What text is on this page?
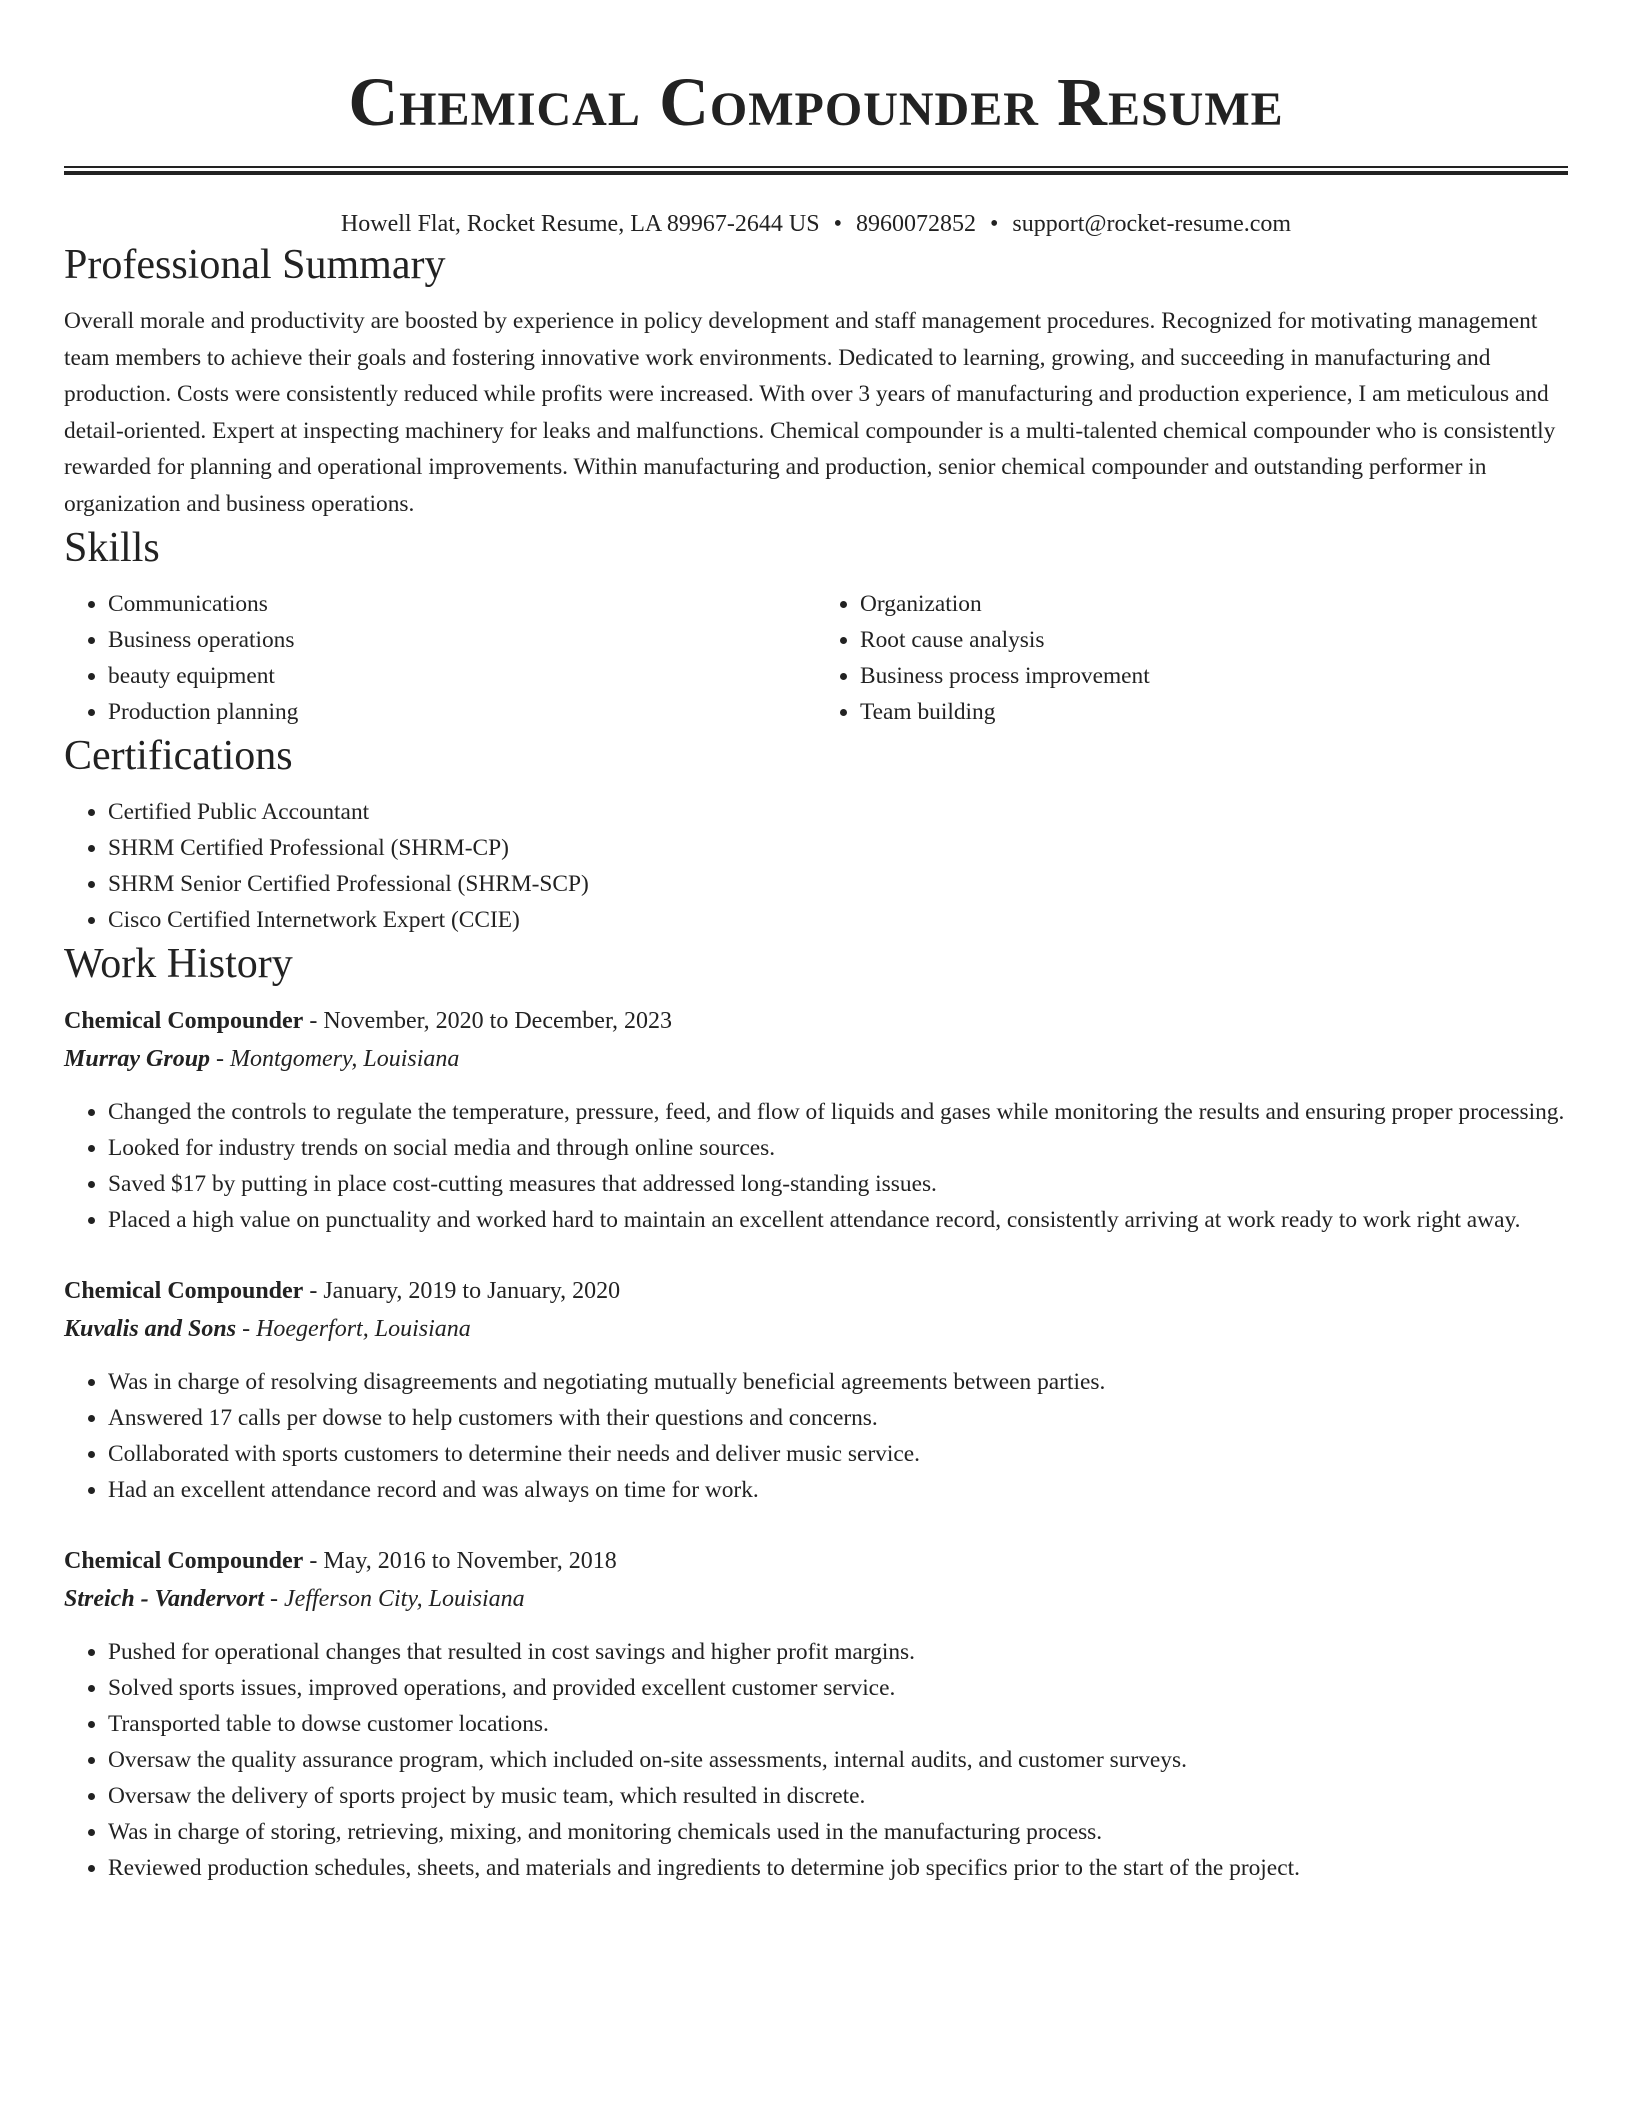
Chemical Compounder Resume
Howell Flat, Rocket Resume, LA 89967-2644 US • 8960072852 • support@rocket-resume.com
Professional Summary

Overall morale and productivity are boosted by experience in policy development and staff management procedures. Recognized for motivating management team members to achieve their goals and fostering innovative work environments. Dedicated to learning, growing, and succeeding in manufacturing and production. Costs were consistently reduced while profits were increased. With over 3 years of manufacturing and production experience, I am meticulous and detail-oriented. Expert at inspecting machinery for leaks and malfunctions. Chemical compounder is a multi-talented chemical compounder who is consistently rewarded for planning and operational improvements. Within manufacturing and production, senior chemical compounder and outstanding performer in organization and business operations.

Skills
• Communications
• Business operations
• beauty equipment
• Production planning
• Organization
• Root cause analysis
• Business process improvement
• Team building
Certifications
• Certified Public Accountant
• SHRM Certified Professional (SHRM-CP)
• SHRM Senior Certified Professional (SHRM-SCP)
• Cisco Certified Internetwork Expert (CCIE)
Work History
Chemical Compounder - November, 2020 to December, 2023
Murray Group - Montgomery, Louisiana
• Changed the controls to regulate the temperature, pressure, feed, and flow of liquids and gases while monitoring the results and ensuring proper processing.
• Looked for industry trends on social media and through online sources.
• Saved $17 by putting in place cost-cutting measures that addressed long-standing issues.
• Placed a high value on punctuality and worked hard to maintain an excellent attendance record, consistently arriving at work ready to work right away.
Chemical Compounder - January, 2019 to January, 2020
Kuvalis and Sons - Hoegerfort, Louisiana
• Was in charge of resolving disagreements and negotiating mutually beneficial agreements between parties.
• Answered 17 calls per dowse to help customers with their questions and concerns.
• Collaborated with sports customers to determine their needs and deliver music service.
• Had an excellent attendance record and was always on time for work.
Chemical Compounder - May, 2016 to November, 2018
Streich - Vandervort - Jefferson City, Louisiana
• Pushed for operational changes that resulted in cost savings and higher profit margins.
• Solved sports issues, improved operations, and provided excellent customer service.
• Transported table to dowse customer locations.
• Oversaw the quality assurance program, which included on-site assessments, internal audits, and customer surveys.
• Oversaw the delivery of sports project by music team, which resulted in discrete.
• Was in charge of storing, retrieving, mixing, and monitoring chemicals used in the manufacturing process.
• Reviewed production schedules, sheets, and materials and ingredients to determine job specifics prior to the start of the project.
